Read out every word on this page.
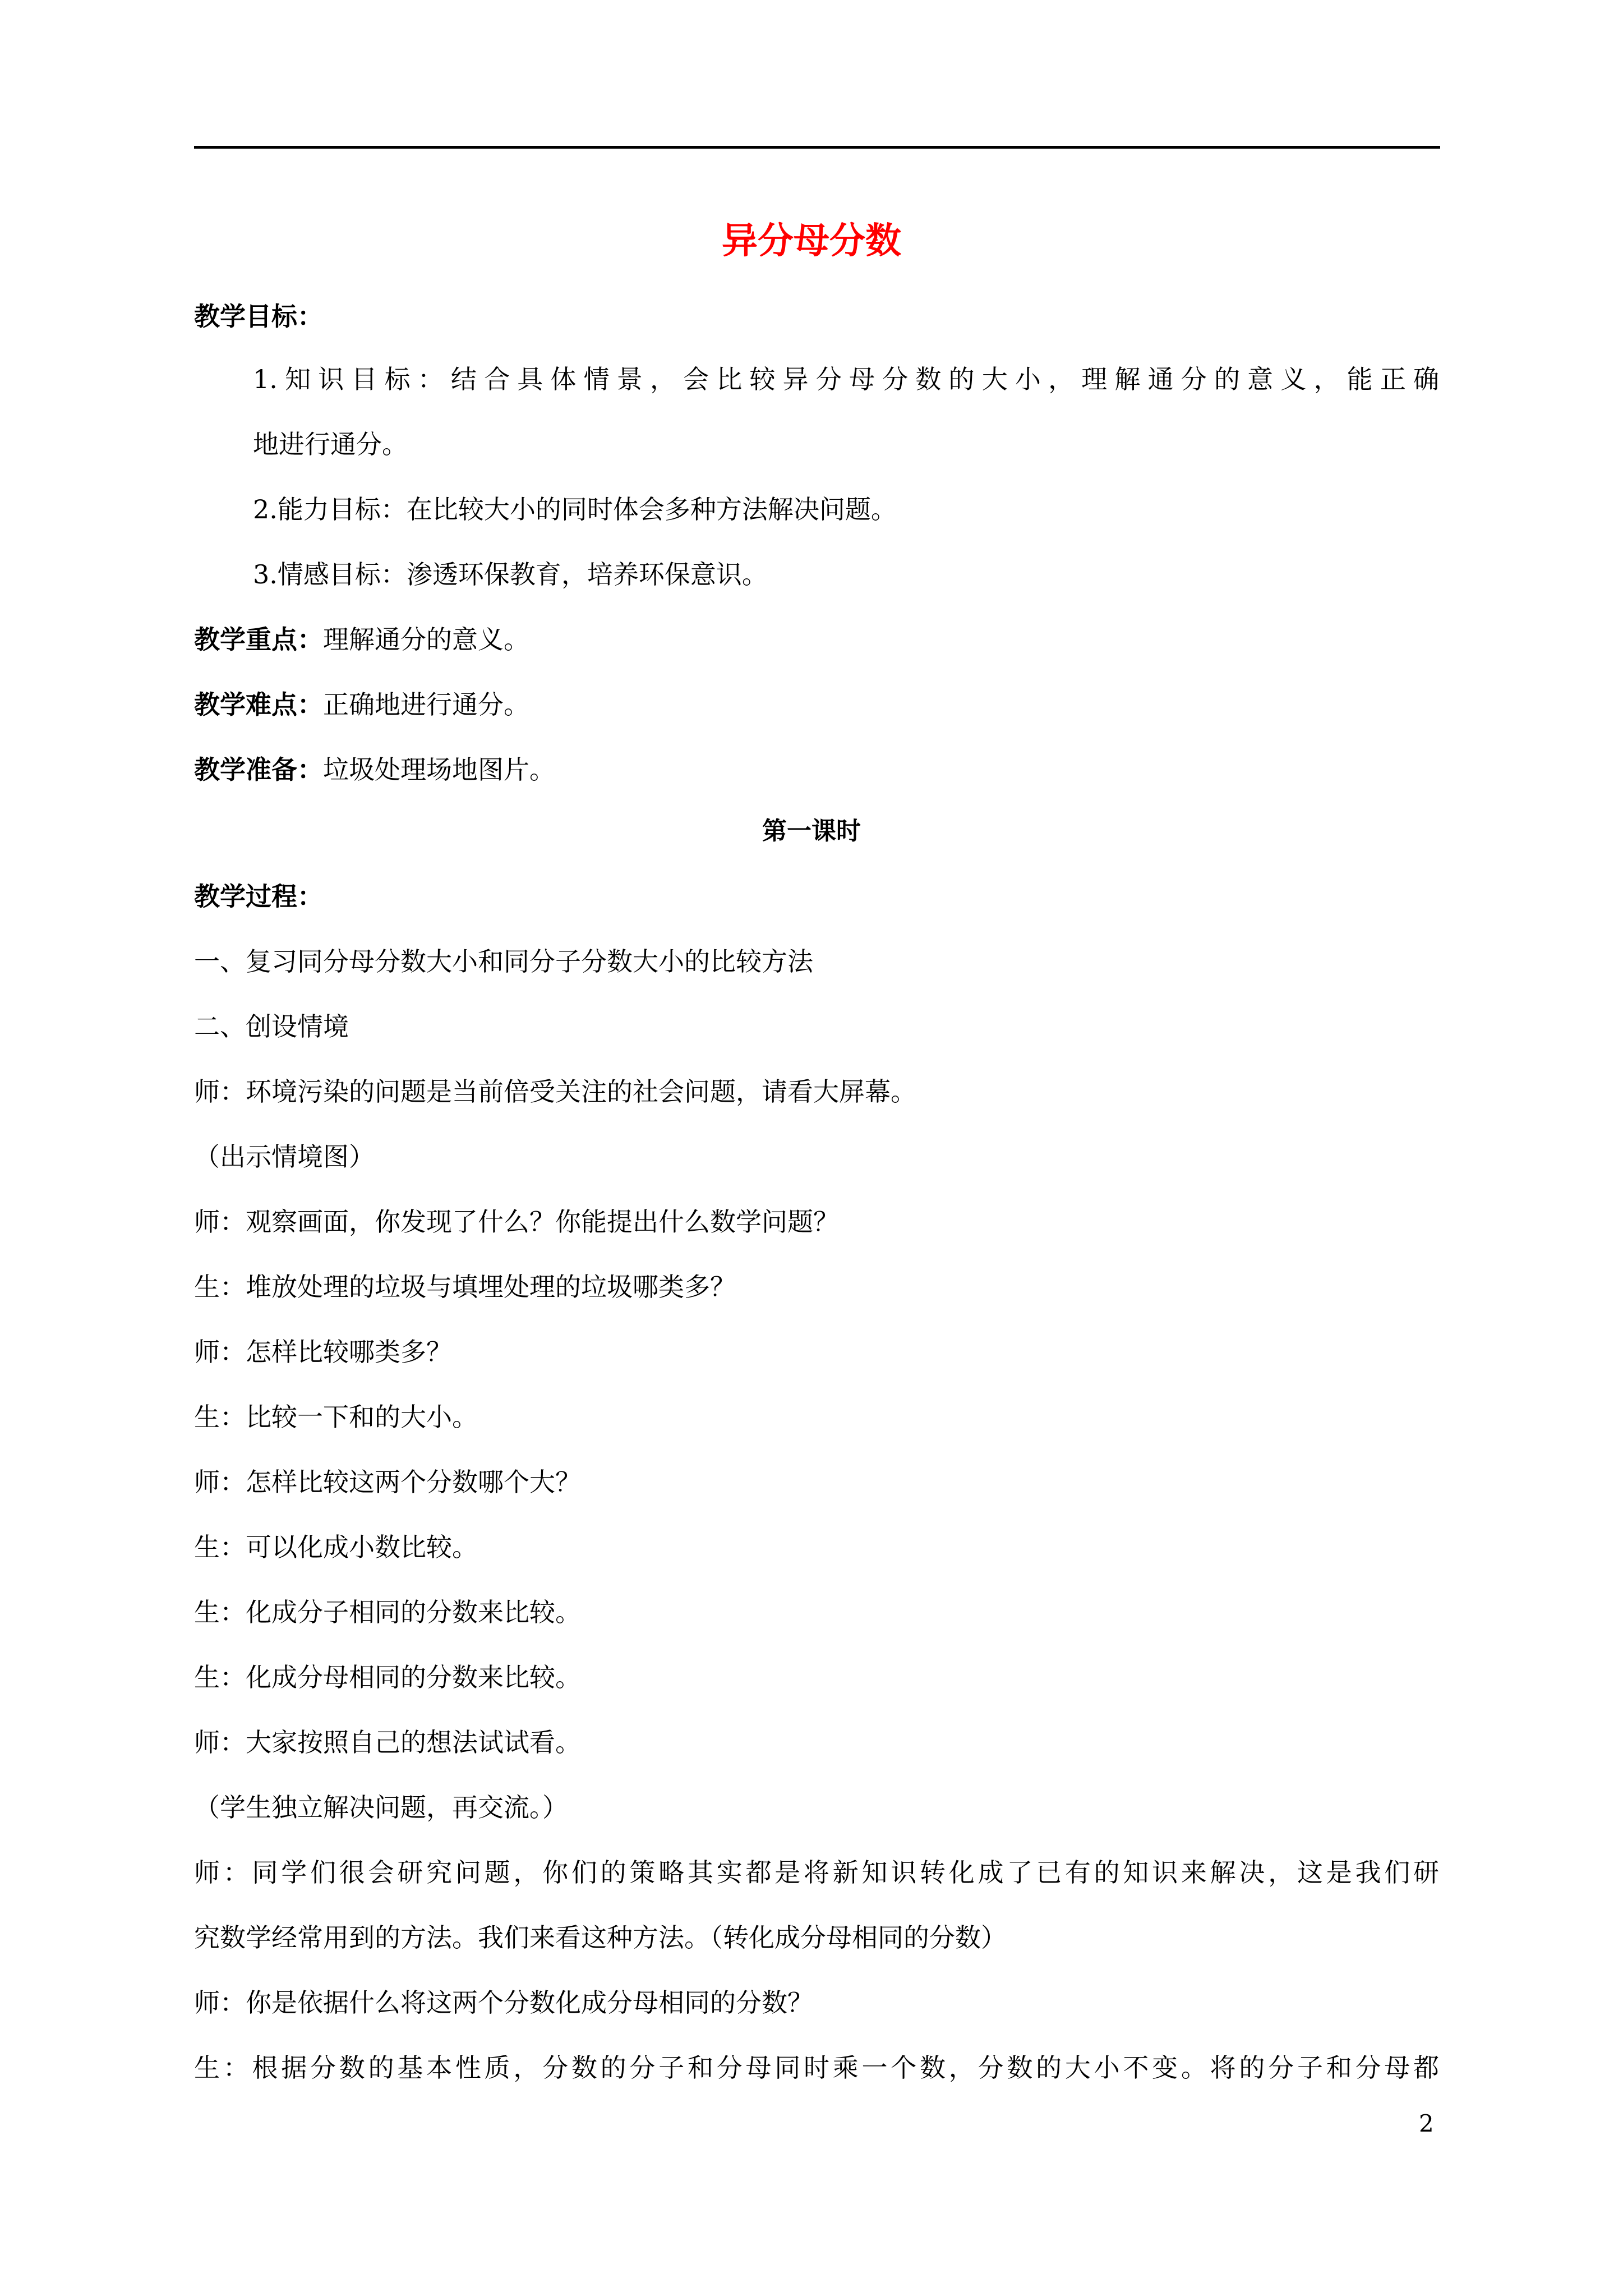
异分母分数
教学目标：
1.知识目标：结合具体情景，会比较异分母分数的大小，理解通分的意义，能正确
地进行通分。
2.能力目标：在比较大小的同时体会多种方法解决问题。
3.情感目标：渗透环保教育，培养环保意识。
教学重点：理解通分的意义。
教学难点：正确地进行通分。
教学准备：垃圾处理场地图片。
第一课时
教学过程：
一、复习同分母分数大小和同分子分数大小的比较方法
二、创设情境
师：环境污染的问题是当前倍受关注的社会问题，请看大屏幕。
（出示情境图）
师：观察画面，你发现了什么？你能提出什么数学问题？
生：堆放处理的垃圾与填埋处理的垃圾哪类多？
师：怎样比较哪类多？
生：比较一下和的大小。
师：怎样比较这两个分数哪个大？
生：可以化成小数比较。
生：化成分子相同的分数来比较。
生：化成分母相同的分数来比较。
师：大家按照自己的想法试试看。
（学生独立解决问题，再交流。）
师：同学们很会研究问题，你们的策略其实都是将新知识转化成了已有的知识来解决，这是我们研
究数学经常用到的方法。我们来看这种方法。（转化成分母相同的分数）
师：你是依据什么将这两个分数化成分母相同的分数？
生：根据分数的基本性质，分数的分子和分母同时乘一个数，分数的大小不变。将的分子和分母都
2
